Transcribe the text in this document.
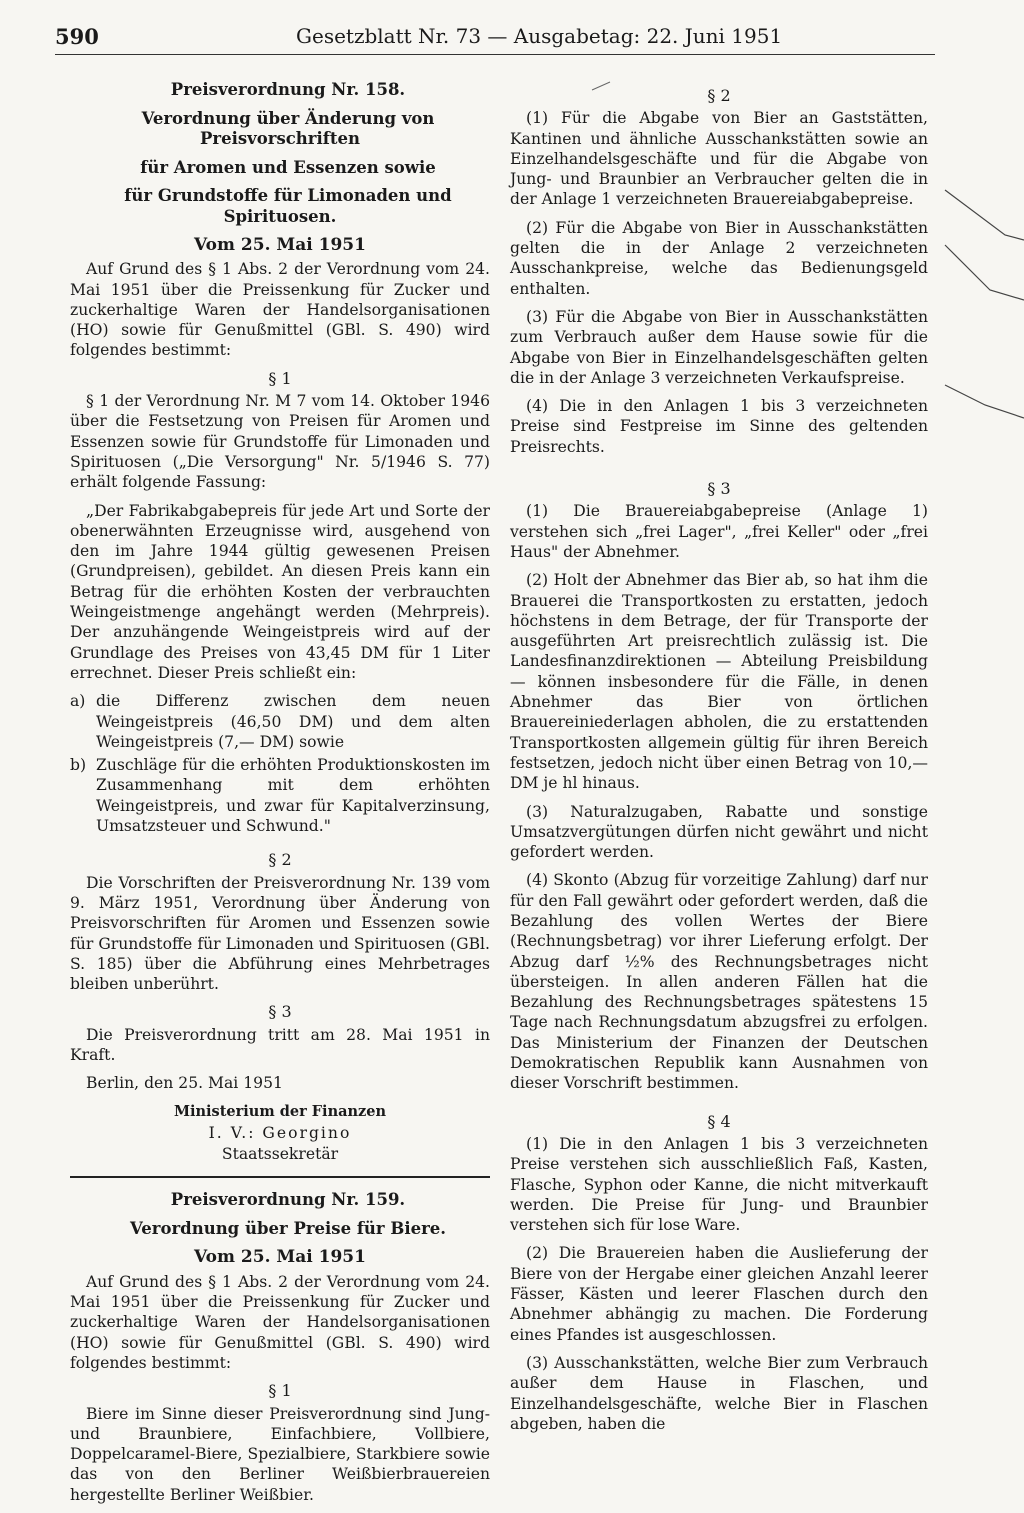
590	Gesetzblatt Nr. 73 — Ausgabetag: 22. Juni 1951

Preisverordnung Nr. 158.

Verordnung über Änderung von Preisvorschriften

für Aromen und Essenzen sowie

für Grundstoffe für Limonaden und Spirituosen.

Vom 25. Mai 1951

Auf Grund des § 1 Abs. 2 der Verordnung vom 24. Mai 1951 über die Preissenkung für Zucker und zuckerhaltige Waren der Handelsorganisationen (HO) sowie für Genußmittel (GBl. S. 490) wird folgendes bestimmt:

§ 1

§ 1 der Verordnung Nr. M 7 vom 14. Oktober 1946 über die Festsetzung von Preisen für Aromen und Essenzen sowie für Grundstoffe für Limonaden und Spirituosen („Die Versorgung" Nr. 5/1946 S. 77) erhält folgende Fassung:

„Der Fabrikabgabepreis für jede Art und Sorte der obenerwähnten Erzeugnisse wird, ausgehend von den im Jahre 1944 gültig gewesenen Preisen (Grundpreisen), gebildet. An diesen Preis kann ein Betrag für die erhöhten Kosten der verbrauchten Weingeistmenge angehängt werden (Mehrpreis). Der anzuhängende Weingeistpreis wird auf der Grundlage des Preises von 43,45 DM für 1 Liter errechnet. Dieser Preis schließt ein:

a) die Differenz zwischen dem neuen Weingeistpreis (46,50 DM) und dem alten Weingeistpreis (7,— DM) sowie
b) Zuschläge für die erhöhten Produktionskosten im Zusammenhang mit dem erhöhten Weingeistpreis, und zwar für Kapitalverzinsung, Umsatzsteuer und Schwund."
§ 2

Die Vorschriften der Preisverordnung Nr. 139 vom 9. März 1951, Verordnung über Änderung von Preisvorschriften für Aromen und Essenzen sowie für Grundstoffe für Limonaden und Spirituosen (GBl. S. 185) über die Abführung eines Mehrbetrages bleiben unberührt.

§ 3

Die Preisverordnung tritt am 28. Mai 1951 in Kraft.

Berlin, den 25. Mai 1951

Ministerium der Finanzen
I. V.: Georgino
Staatssekretär

Preisverordnung Nr. 159.

Verordnung über Preise für Biere.

Vom 25. Mai 1951

Auf Grund des § 1 Abs. 2 der Verordnung vom 24. Mai 1951 über die Preissenkung für Zucker und zuckerhaltige Waren der Handelsorganisationen (HO) sowie für Genußmittel (GBl. S. 490) wird folgendes bestimmt:

§ 1

Biere im Sinne dieser Preisverordnung sind Jung- und Braunbiere, Einfachbiere, Vollbiere, Doppelcaramel-Biere, Spezialbiere, Starkbiere sowie das von den Berliner Weißbierbrauereien hergestellte Berliner Weißbier.

§ 2

(1) Für die Abgabe von Bier an Gaststätten, Kantinen und ähnliche Ausschankstätten sowie an Einzelhandelsgeschäfte und für die Abgabe von Jung- und Braunbier an Verbraucher gelten die in der Anlage 1 verzeichneten Brauereiabgabepreise.

(2) Für die Abgabe von Bier in Ausschankstätten gelten die in der Anlage 2 verzeichneten Ausschankpreise, welche das Bedienungsgeld enthalten.

(3) Für die Abgabe von Bier in Ausschankstätten zum Verbrauch außer dem Hause sowie für die Abgabe von Bier in Einzelhandelsgeschäften gelten die in der Anlage 3 verzeichneten Verkaufspreise.

(4) Die in den Anlagen 1 bis 3 verzeichneten Preise sind Festpreise im Sinne des geltenden Preisrechts.

§ 3

(1) Die Brauereiabgabepreise (Anlage 1) verstehen sich „frei Lager", „frei Keller" oder „frei Haus" der Abnehmer.

(2) Holt der Abnehmer das Bier ab, so hat ihm die Brauerei die Transportkosten zu erstatten, jedoch höchstens in dem Betrage, der für Transporte der ausgeführten Art preisrechtlich zulässig ist. Die Landesfinanzdirektionen — Abteilung Preisbildung — können insbesondere für die Fälle, in denen Abnehmer das Bier von örtlichen Brauereiniederlagen abholen, die zu erstattenden Transportkosten allgemein gültig für ihren Bereich festsetzen, jedoch nicht über einen Betrag von 10,— DM je hl hinaus.

(3) Naturalzugaben, Rabatte und sonstige Umsatzvergütungen dürfen nicht gewährt und nicht gefordert werden.

(4) Skonto (Abzug für vorzeitige Zahlung) darf nur für den Fall gewährt oder gefordert werden, daß die Bezahlung des vollen Wertes der Biere (Rechnungsbetrag) vor ihrer Lieferung erfolgt. Der Abzug darf ½% des Rechnungsbetrages nicht übersteigen. In allen anderen Fällen hat die Bezahlung des Rechnungsbetrages spätestens 15 Tage nach Rechnungsdatum abzugsfrei zu erfolgen. Das Ministerium der Finanzen der Deutschen Demokratischen Republik kann Ausnahmen von dieser Vorschrift bestimmen.

§ 4

(1) Die in den Anlagen 1 bis 3 verzeichneten Preise verstehen sich ausschließlich Faß, Kasten, Flasche, Syphon oder Kanne, die nicht mitverkauft werden. Die Preise für Jung- und Braunbier verstehen sich für lose Ware.

(2) Die Brauereien haben die Auslieferung der Biere von der Hergabe einer gleichen Anzahl leerer Fässer, Kästen und leerer Flaschen durch den Abnehmer abhängig zu machen. Die Forderung eines Pfandes ist ausgeschlossen.

(3) Ausschankstätten, welche Bier zum Verbrauch außer dem Hause in Flaschen, und Einzelhandelsgeschäfte, welche Bier in Flaschen abgeben, haben die
